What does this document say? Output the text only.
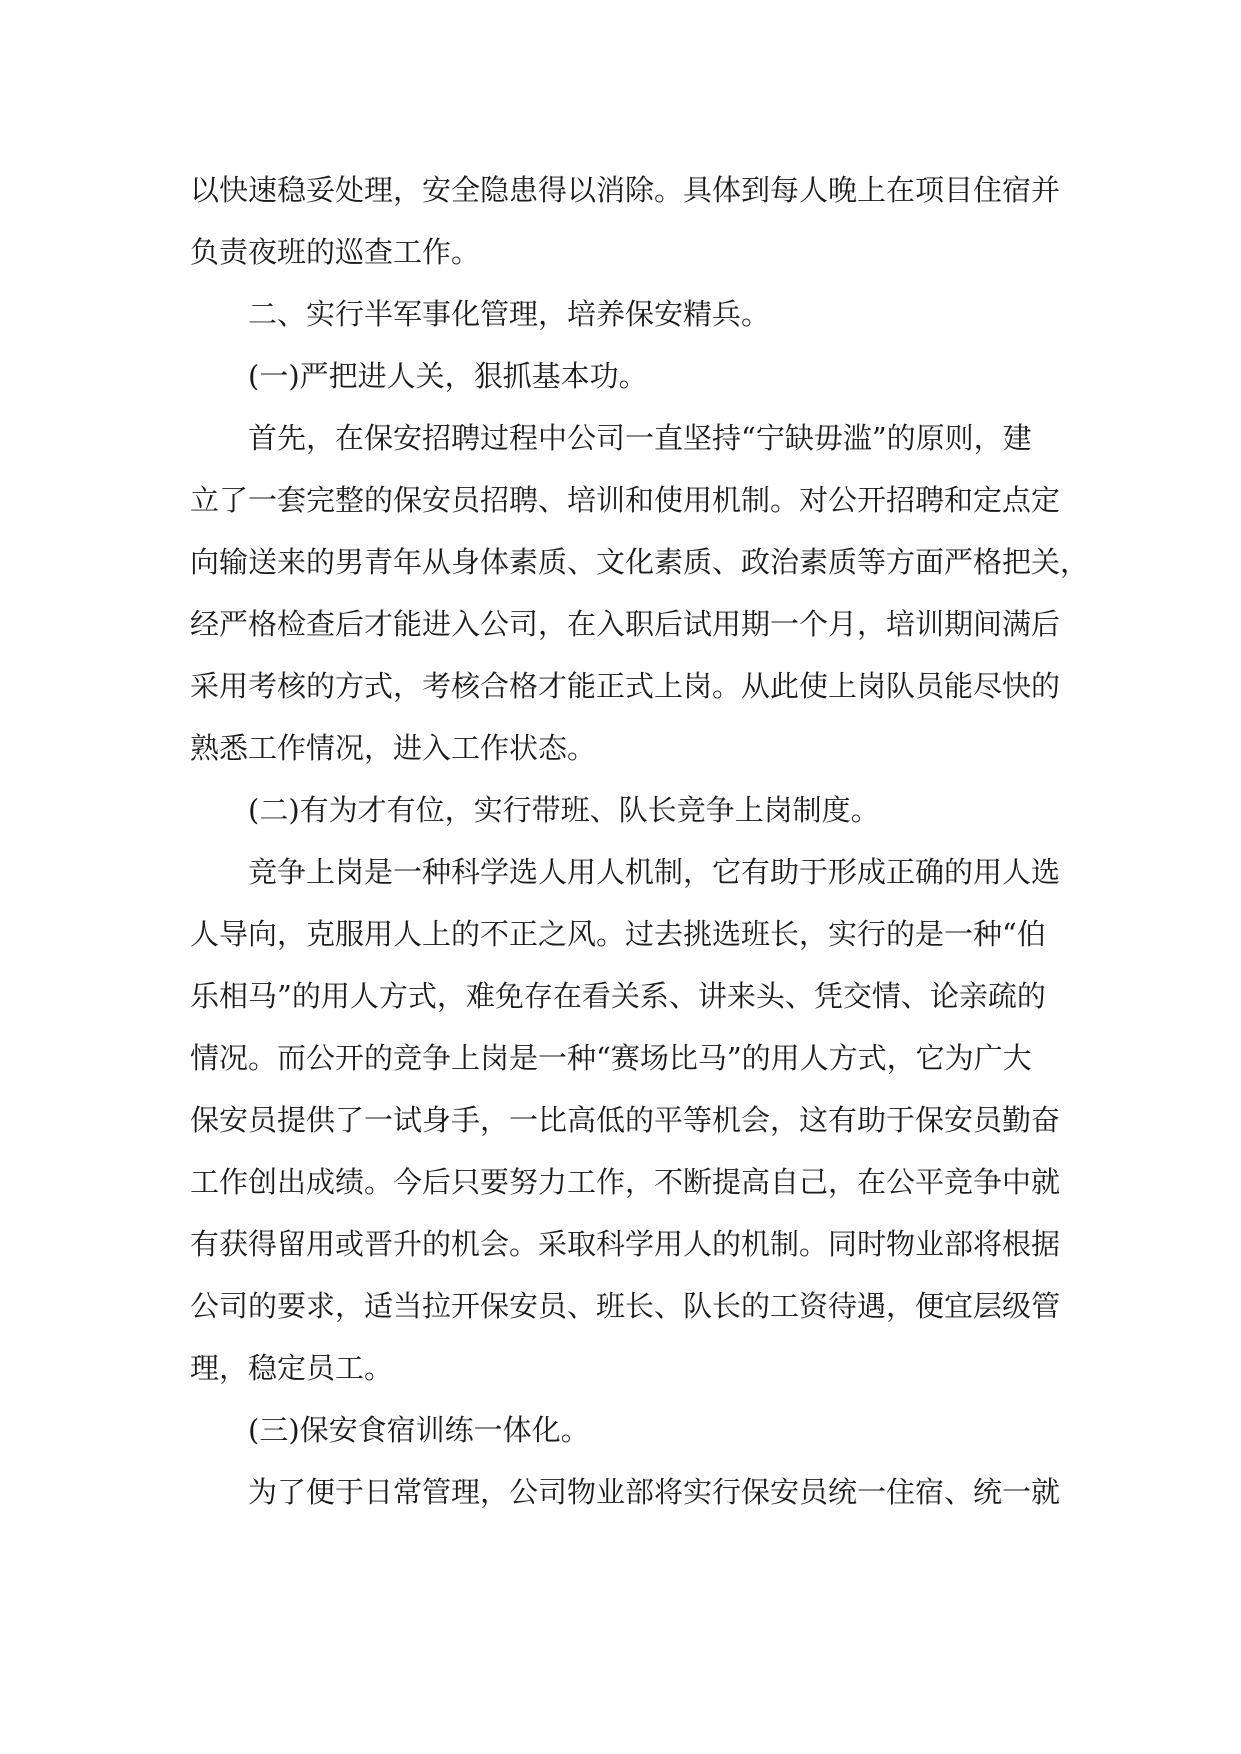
以快速稳妥处理，安全隐患得以消除。具体到每人晚上在项目住宿并
负责夜班的巡查工作。
二、实行半军事化管理，培养保安精兵。
(一)严把进人关，狠抓基本功。
首先，在保安招聘过程中公司一直坚持“宁缺毋滥”的原则，建
立了一套完整的保安员招聘、培训和使用机制。对公开招聘和定点定
向输送来的男青年从身体素质、文化素质、政治素质等方面严格把关，
经严格检查后才能进入公司，在入职后试用期一个月，培训期间满后
采用考核的方式，考核合格才能正式上岗。从此使上岗队员能尽快的
熟悉工作情况，进入工作状态。
(二)有为才有位，实行带班、队长竞争上岗制度。
竞争上岗是一种科学选人用人机制，它有助于形成正确的用人选
人导向，克服用人上的不正之风。过去挑选班长，实行的是一种“伯
乐相马”的用人方式，难免存在看关系、讲来头、凭交情、论亲疏的
情况。而公开的竞争上岗是一种“赛场比马”的用人方式，它为广大
保安员提供了一试身手，一比高低的平等机会，这有助于保安员勤奋
工作创出成绩。今后只要努力工作，不断提高自己，在公平竞争中就
有获得留用或晋升的机会。采取科学用人的机制。同时物业部将根据
公司的要求，适当拉开保安员、班长、队长的工资待遇，便宜层级管
理，稳定员工。
(三)保安食宿训练一体化。
为了便于日常管理，公司物业部将实行保安员统一住宿、统一就
